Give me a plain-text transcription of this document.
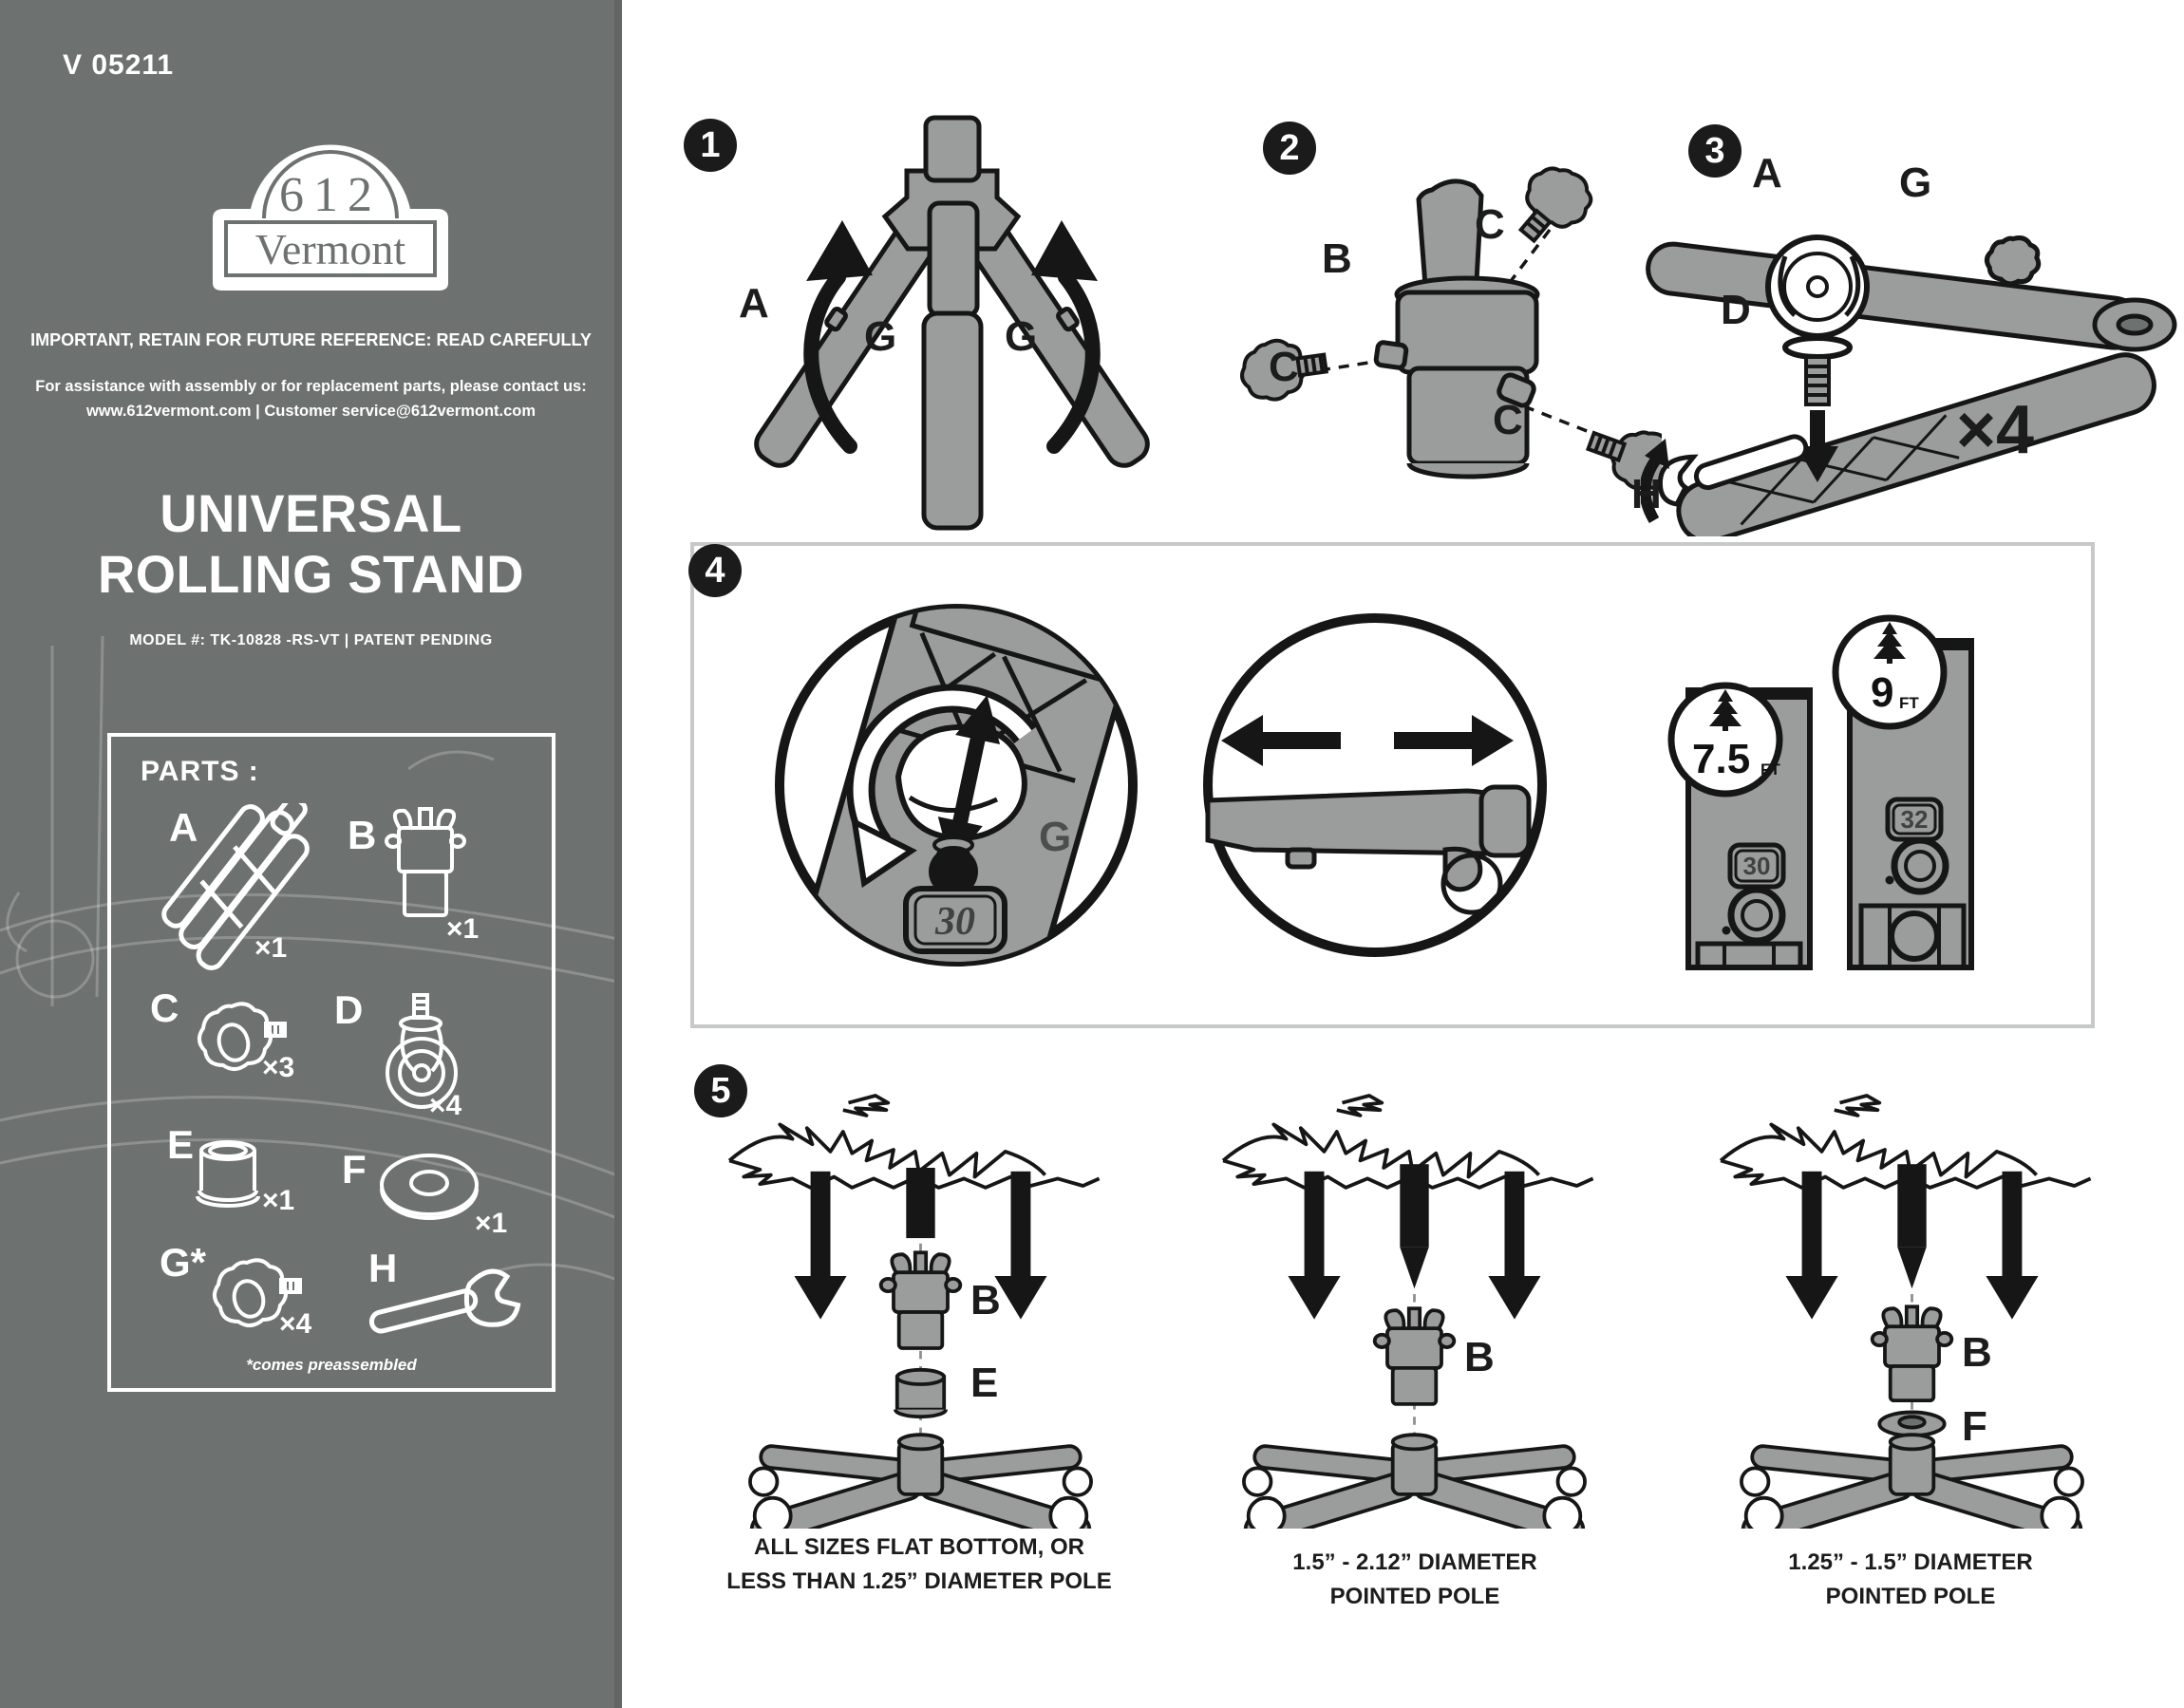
V 05211
612
Vermont
IMPORTANT, RETAIN FOR FUTURE REFERENCE: READ CAREFULLY
For assistance with assembly or for replacement parts, please contact us:
www.612vermont.com | Customer service@612vermont.com
UNIVERSAL
ROLLING STAND
MODEL #: TK-10828 -RS-VT | PATENT PENDING
PARTS :
A
×1
B
×1
C
×3
D
×4
E
×1
F
×1
G*
×4
H
*comes preassembled
1
A
G	G
2
B
C
C
C
3 A	G
D
H
×4
4
G
30
7.5 FT
9 FT
30
32
5
B
E
ALL SIZES FLAT BOTTOM, OR
LESS THAN 1.25” DIAMETER POLE
B
1.5” - 2.12” DIAMETER
POINTED POLE
B
F
1.25” - 1.5” DIAMETER
POINTED POLE
